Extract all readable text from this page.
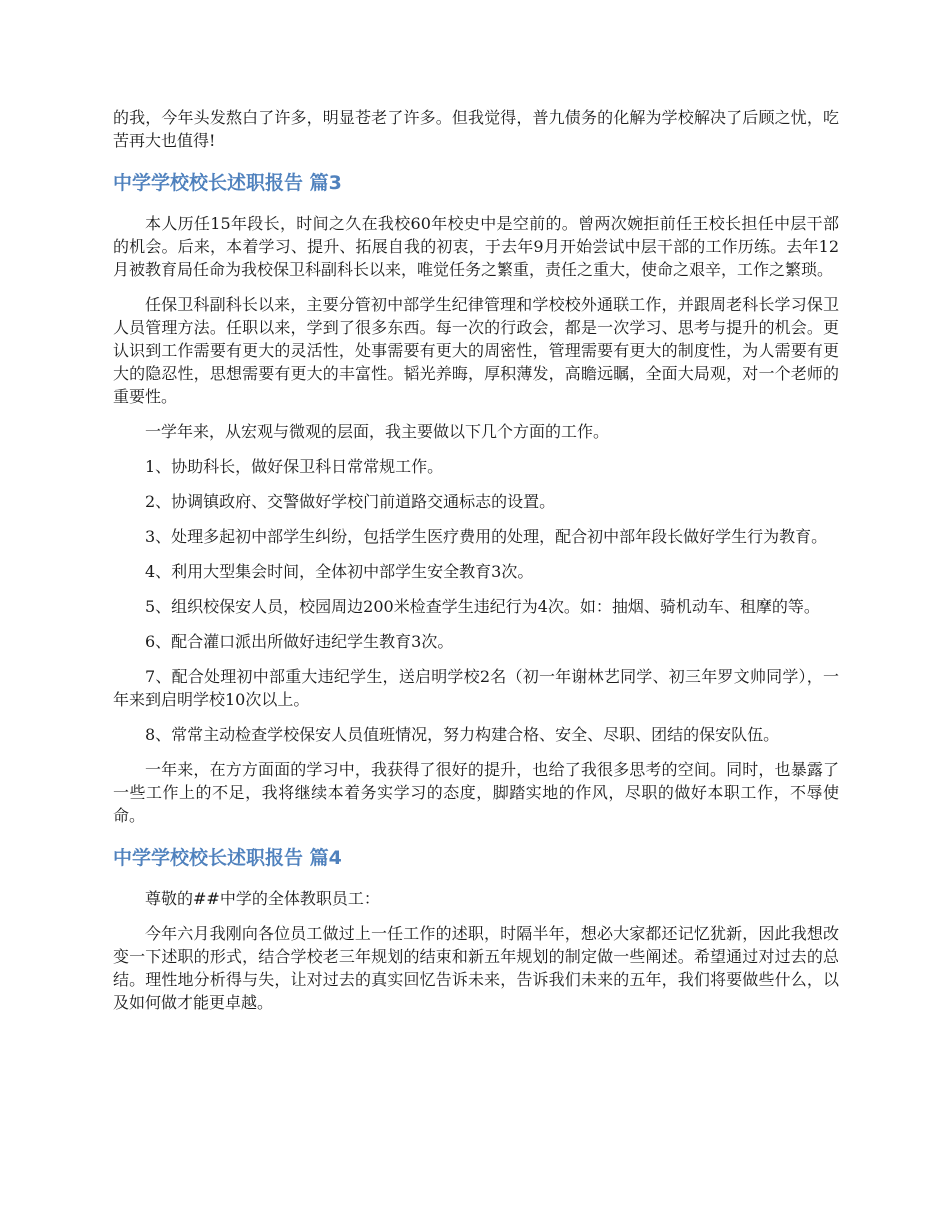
的我，今年头发熬白了许多，明显苍老了许多。但我觉得，普九债务的化解为学校解决了后顾之忧，吃苦再大也值得!

中学学校校长述职报告 篇3

本人历任15年段长，时间之久在我校60年校史中是空前的。曾两次婉拒前任王校长担任中层干部的机会。后来，本着学习、提升、拓展自我的初衷，于去年9月开始尝试中层干部的工作历练。去年12月被教育局任命为我校保卫科副科长以来，唯觉任务之繁重，责任之重大，使命之艰辛，工作之繁琐。

任保卫科副科长以来，主要分管初中部学生纪律管理和学校校外通联工作，并跟周老科长学习保卫人员管理方法。任职以来，学到了很多东西。每一次的行政会，都是一次学习、思考与提升的机会。更认识到工作需要有更大的灵活性，处事需要有更大的周密性，管理需要有更大的制度性，为人需要有更大的隐忍性，思想需要有更大的丰富性。韬光养晦，厚积薄发，高瞻远瞩，全面大局观，对一个老师的重要性。

一学年来，从宏观与微观的层面，我主要做以下几个方面的工作。

1、协助科长，做好保卫科日常常规工作。

2、协调镇政府、交警做好学校门前道路交通标志的设置。

3、处理多起初中部学生纠纷，包括学生医疗费用的处理，配合初中部年段长做好学生行为教育。

4、利用大型集会时间，全体初中部学生安全教育3次。

5、组织校保安人员，校园周边200米检查学生违纪行为4次。如：抽烟、骑机动车、租摩的等。

6、配合灌口派出所做好违纪学生教育3次。

7、配合处理初中部重大违纪学生，送启明学校2名（初一年谢林艺同学、初三年罗文帅同学），一年来到启明学校10次以上。

8、常常主动检查学校保安人员值班情况，努力构建合格、安全、尽职、团结的保安队伍。

一年来，在方方面面的学习中，我获得了很好的提升，也给了我很多思考的空间。同时，也暴露了一些工作上的不足，我将继续本着务实学习的态度，脚踏实地的作风，尽职的做好本职工作，不辱使命。

中学学校校长述职报告 篇4

尊敬的##中学的全体教职员工：

今年六月我刚向各位员工做过上一任工作的述职，时隔半年，想必大家都还记忆犹新，因此我想改变一下述职的形式，结合学校老三年规划的结束和新五年规划的制定做一些阐述。希望通过对过去的总结。理性地分析得与失，让对过去的真实回忆告诉未来，告诉我们未来的五年，我们将要做些什么，以及如何做才能更卓越。
